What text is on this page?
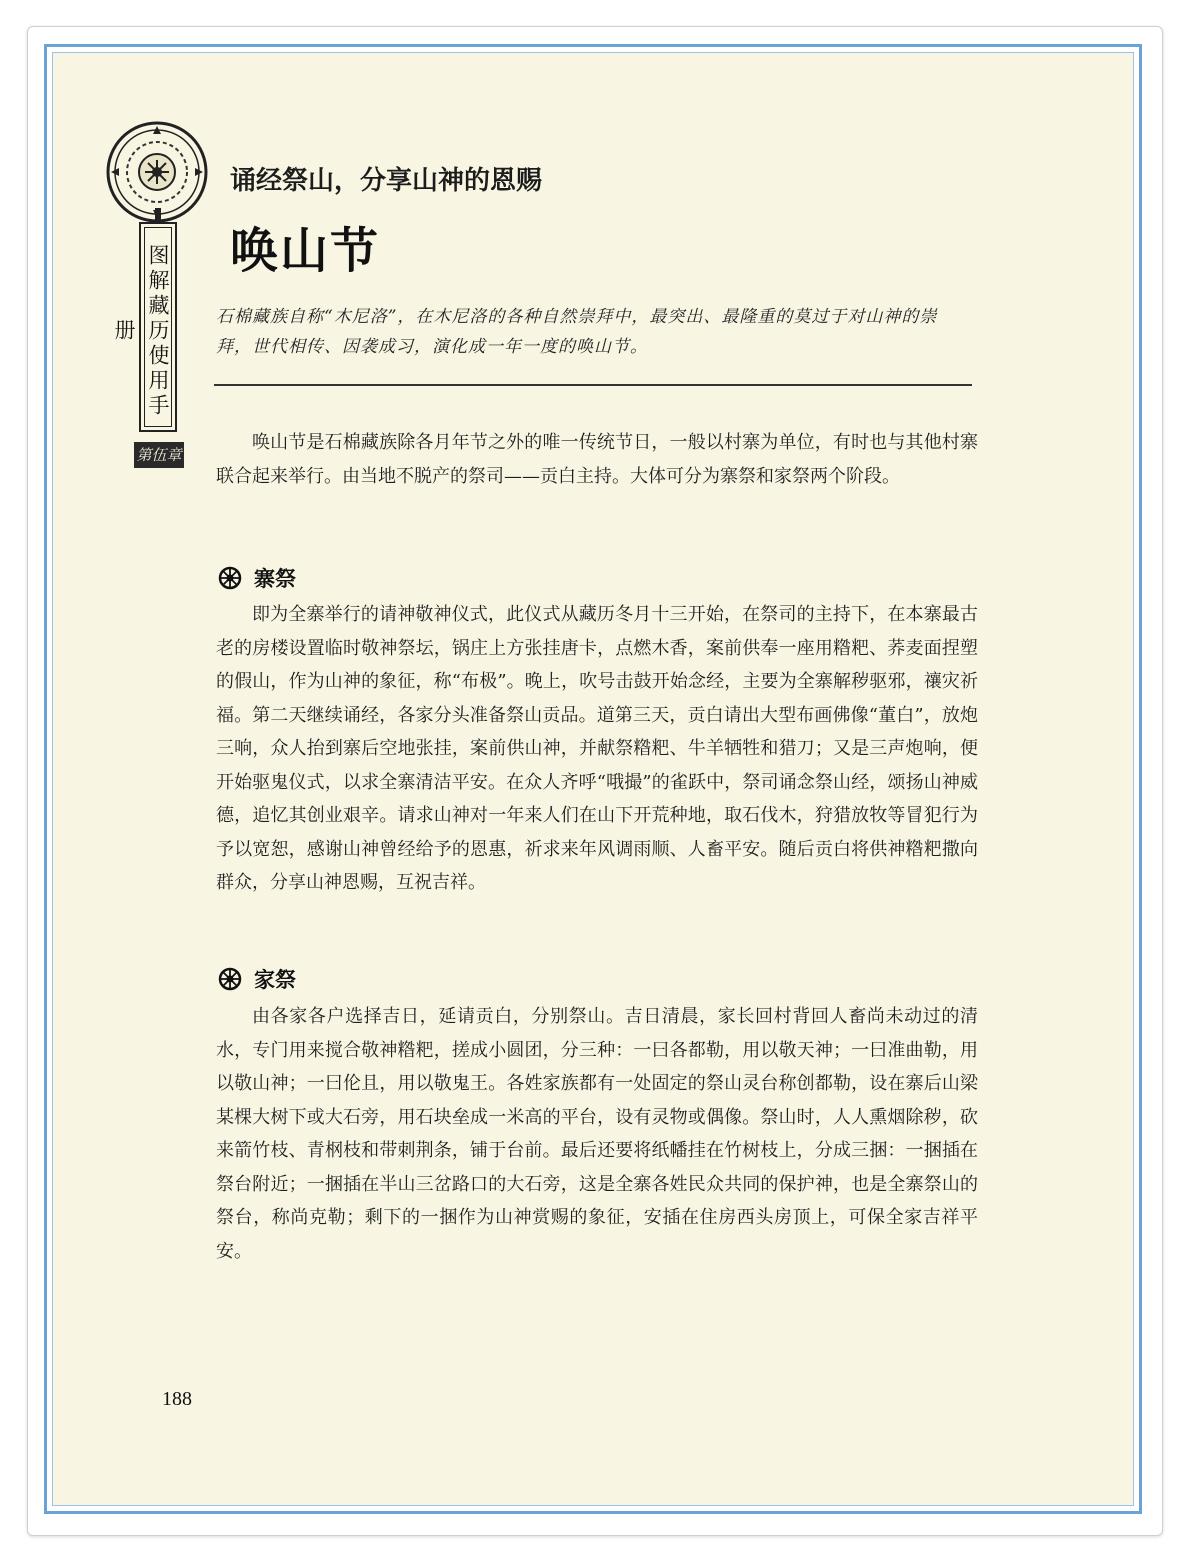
图解藏历使用手册
第伍章
诵经祭山，分享山神的恩赐
唤山节
石棉藏族自称“木尼洛”，在木尼洛的各种自然崇拜中，最突出、最隆重的莫过于对山神的崇拜，世代相传、因袭成习，演化成一年一度的唤山节。
唤山节是石棉藏族除各月年节之外的唯一传统节日，一般以村寨为单位，有时也与其他村寨联合起来举行。由当地不脱产的祭司——贡白主持。大体可分为寨祭和家祭两个阶段。
寨祭
即为全寨举行的请神敬神仪式，此仪式从藏历冬月十三开始，在祭司的主持下，在本寨最古老的房楼设置临时敬神祭坛，锅庄上方张挂唐卡，点燃木香，案前供奉一座用糌粑、荞麦面捏塑的假山，作为山神的象征，称“布极”。晚上，吹号击鼓开始念经，主要为全寨解秽驱邪，禳灾祈福。第二天继续诵经，各家分头准备祭山贡品。道第三天，贡白请出大型布画佛像“董白”，放炮三响，众人抬到寨后空地张挂，案前供山神，并献祭糌粑、牛羊牺牲和猎刀；又是三声炮响，便开始驱鬼仪式，以求全寨清洁平安。在众人齐呼“哦撮”的雀跃中，祭司诵念祭山经，颂扬山神威德，追忆其创业艰辛。请求山神对一年来人们在山下开荒种地，取石伐木，狩猎放牧等冒犯行为予以宽恕，感谢山神曾经给予的恩惠，祈求来年风调雨顺、人畜平安。随后贡白将供神糌粑撒向群众，分享山神恩赐，互祝吉祥。
家祭
由各家各户选择吉日，延请贡白，分别祭山。吉日清晨，家长回村背回人畜尚未动过的清水，专门用来搅合敬神糌粑，搓成小圆团，分三种：一曰各都勒，用以敬天神；一曰准曲勒，用以敬山神；一曰伦且，用以敬鬼王。各姓家族都有一处固定的祭山灵台称创都勒，设在寨后山梁某棵大树下或大石旁，用石块垒成一米高的平台，设有灵物或偶像。祭山时，人人熏烟除秽，砍来箭竹枝、青㭎枝和带刺荆条，铺于台前。最后还要将纸幡挂在竹树枝上，分成三捆：一捆插在祭台附近；一捆插在半山三岔路口的大石旁，这是全寨各姓民众共同的保护神，也是全寨祭山的祭台，称尚克勒；剩下的一捆作为山神赏赐的象征，安插在住房西头房顶上，可保全家吉祥平安。
188
